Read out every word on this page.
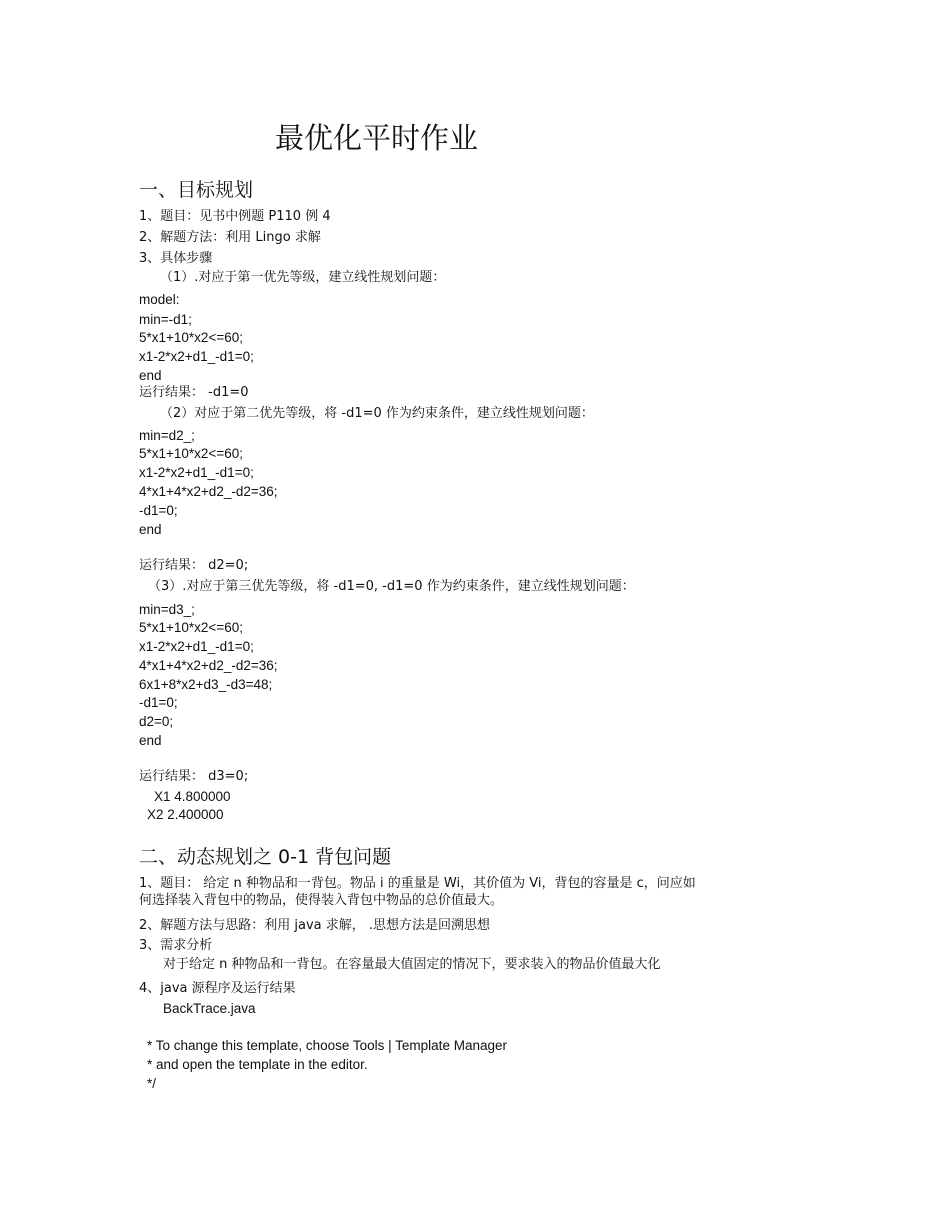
最优化平时作业
一、目标规划
1、题目：见书中例题 P110 例 4
2、解题方法：利用 Lingo 求解
3、具体步骤
（1）.对应于第一优先等级，建立线性规划问题：
model:
min=-d1;
5*x1+10*x2<=60;
x1-2*x2+d1_-d1=0;
end
运行结果： -d1=0
（2）对应于第二优先等级，将 -d1=0 作为约束条件，建立线性规划问题：
min=d2_;
5*x1+10*x2<=60;
x1-2*x2+d1_-d1=0;
4*x1+4*x2+d2_-d2=36;
-d1=0;
end
运行结果： d2=0;
（3）.对应于第三优先等级，将 -d1=0, -d1=0 作为约束条件，建立线性规划问题：
min=d3_;
5*x1+10*x2<=60;
x1-2*x2+d1_-d1=0;
4*x1+4*x2+d2_-d2=36;
6x1+8*x2+d3_-d3=48;
-d1=0;
d2=0;
end
运行结果： d3=0;
X1 4.800000
X2 2.400000
二、动态规划之 0-1 背包问题
1、题目： 给定 n 种物品和一背包。物品 i 的重量是 Wi，其价值为 Vi，背包的容量是 c，问应如
何选择装入背包中的物品，使得装入背包中物品的总价值最大。
2、解题方法与思路：利用 java 求解， .思想方法是回溯思想
3、需求分析
对于给定 n 种物品和一背包。在容量最大值固定的情况下，要求装入的物品价值最大化
4、java 源程序及运行结果
BackTrace.java
* To change this template, choose Tools | Template Manager
* and open the template in the editor.
*/
